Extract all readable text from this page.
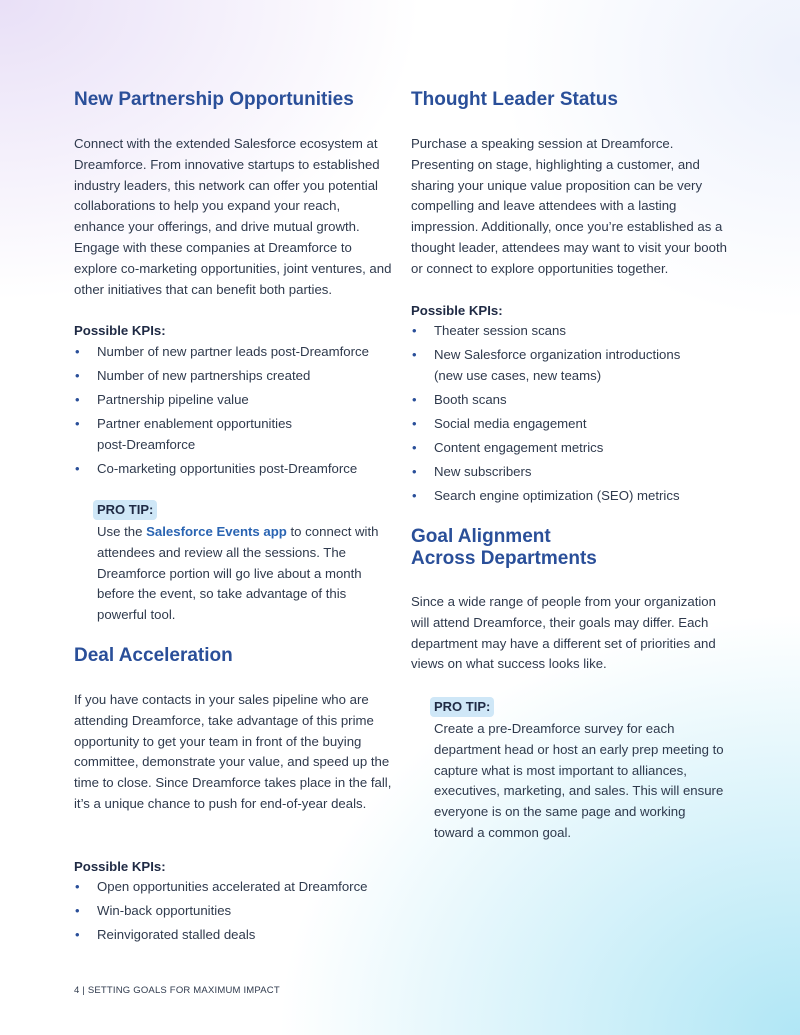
New Partnership Opportunities

Connect with the extended Salesforce ecosystem at Dreamforce. From innovative startups to established industry leaders, this network can offer you potential collaborations to help you expand your reach, enhance your offerings, and drive mutual growth. Engage with these companies at Dreamforce to explore co-marketing opportunities, joint ventures, and other initiatives that can benefit both parties.

Possible KPIs:
• Number of new partner leads post-Dreamforce
• Number of new partnerships created
• Partnership pipeline value
• Partner enablement opportunities post-Dreamforce
• Co-marketing opportunities post-Dreamforce
PRO TIP:

Use the Salesforce Events app to connect with attendees and review all the sessions. The Dreamforce portion will go live about a month before the event, so take advantage of this powerful tool.

Deal Acceleration

If you have contacts in your sales pipeline who are attending Dreamforce, take advantage of this prime opportunity to get your team in front of the buying committee, demonstrate your value, and speed up the time to close. Since Dreamforce takes place in the fall, it’s a unique chance to push for end-of-year deals.

Possible KPIs:
• Open opportunities accelerated at Dreamforce
• Win-back opportunities
• Reinvigorated stalled deals
Thought Leader Status

Purchase a speaking session at Dreamforce. Presenting on stage, highlighting a customer, and sharing your unique value proposition can be very compelling and leave attendees with a lasting impression. Additionally, once you’re established as a thought leader, attendees may want to visit your booth or connect to explore opportunities together.

Possible KPIs:
• Theater session scans
• New Salesforce organization introductions (new use cases, new teams)
• Booth scans
• Social media engagement
• Content engagement metrics
• New subscribers
• Search engine optimization (SEO) metrics
Goal Alignment
Across Departments

Since a wide range of people from your organization will attend Dreamforce, their goals may differ. Each department may have a different set of priorities and views on what success looks like.

PRO TIP:

Create a pre-Dreamforce survey for each department head or host an early prep meeting to capture what is most important to alliances, executives, marketing, and sales. This will ensure everyone is on the same page and working toward a common goal.

4 | SETTING GOALS FOR MAXIMUM IMPACT
